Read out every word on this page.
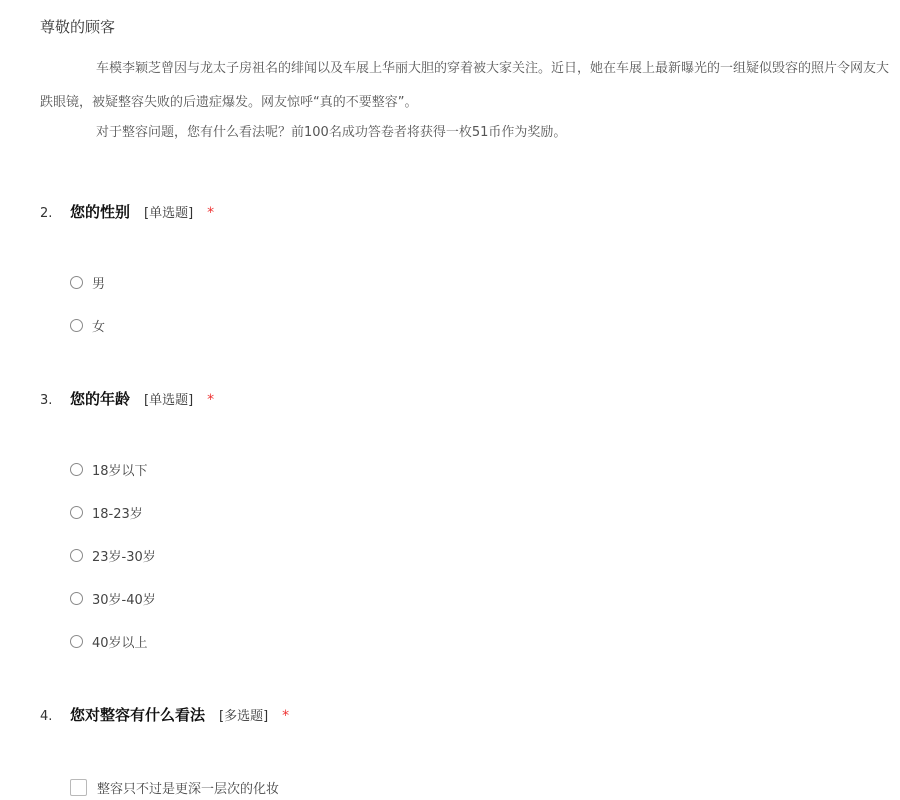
尊敬的顾客

车模李颖芝曾因与龙太子房祖名的绯闻以及车展上华丽大胆的穿着被大家关注。近日，她在车展上最新曝光的一组疑似毁容的照片令网友大跌眼镜，被疑整容失败的后遗症爆发。网友惊呼“真的不要整容”。

对于整容问题，您有什么看法呢？前100名成功答卷者将获得一枚51币作为奖励。

2.	您的性别 [单选题] *
男
女
3.	您的年龄 [单选题] *
18岁以下
18-23岁
23岁-30岁
30岁-40岁
40岁以上
4.	您对整容有什么看法 [多选题] *
整容只不过是更深一层次的化妆
